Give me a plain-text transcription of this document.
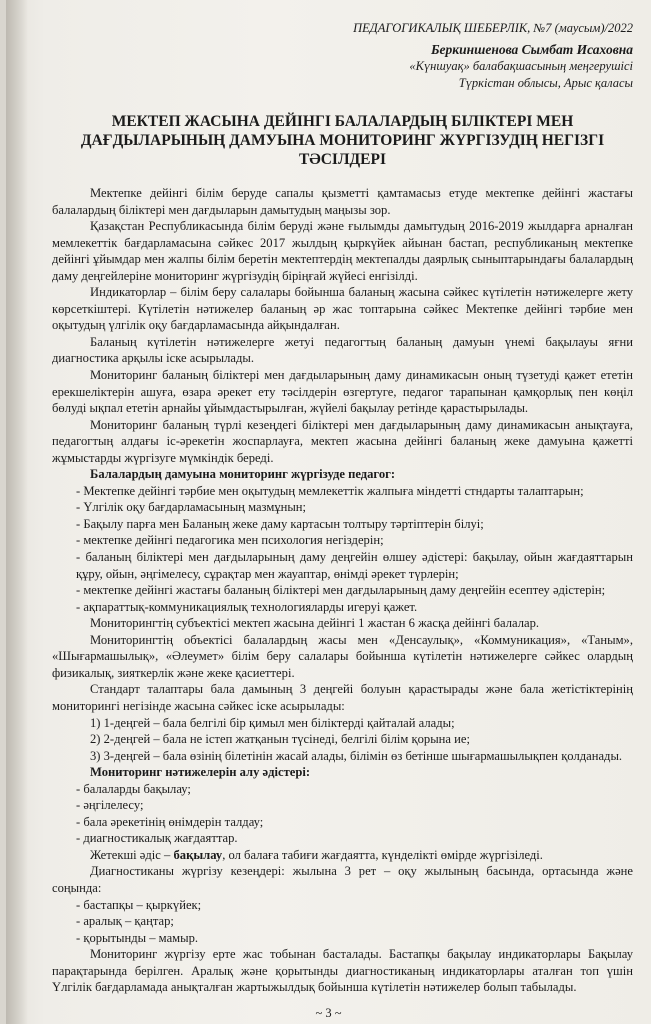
ПЕДАГОГИКАЛЫҚ ШЕБЕРЛІК, №7 (маусым)/2022
Беркиншенова Сымбат Исаховна
«Күншуақ» балабақшасының меңгерушісі
Түркістан облысы, Арыс қаласы
МЕКТЕП ЖАСЫНА ДЕЙІНГІ БАЛАЛАРДЫҢ БІЛІКТЕРІ МЕН ДАҒДЫЛАРЫНЫҢ ДАМУЫНА МОНИТОРИНГ ЖҮРГІЗУДІҢ НЕГІЗГІ ТӘСІЛДЕРІ

Мектепке дейінгі білім беруде сапалы қызметті қамтамасыз етуде мектепке дейінгі жастағы балалардың біліктері мен дағдыларын дамытудың маңызы зор.

Қазақстан Республикасында білім беруді және ғылымды дамытудың 2016-2019 жылдарға арналған мемлекеттік бағдарламасына сәйкес 2017 жылдың қыркүйек айынан бастап, республиканың мектепке дейінгі ұйымдар мен жалпы білім беретін мектептердің мектепалды даярлық сыныптарындағы балалардың даму деңгейлеріне мониторинг жүргізудің біріңғай жүйесі енгізілді.

Индикаторлар – білім беру салалары бойынша баланың жасына сәйкес күтілетін нәтижелерге жету көрсеткіштері. Күтілетін нәтижелер баланың әр жас топтарына сәйкес Мектепке дейінгі тәрбие мен оқытудың үлгілік оқу бағдарламасында айқындалған.

Баланың күтілетін нәтижелерге жетуі педагогтың баланың дамуын үнемі бақылауы яғни диагностика арқылы іске асырылады.

Мониторинг баланың біліктері мен дағдыларының даму динамикасын оның түзетуді қажет ететін ерекшеліктерін ашуға, өзара әрекет ету тәсілдерін өзгертуге, педагог тарапынан қамқорлық пен көңіл бөлуді ықпал ететін арнайы ұйымдастырылған, жүйелі бақылау ретінде қарастырылады.

Мониторинг баланың түрлі кезеңдегі біліктері мен дағдыларының даму динамикасын анықтауға, педагогтың алдағы іс-әрекетін жоспарлауға, мектеп жасына дейінгі баланың жеке дамуына қажетті жұмыстарды жүргізуге мүмкіндік береді.

Балалардың дамуына мониторинг жүргізуде педагог:

- Мектепке дейінгі тәрбие мен оқытудың мемлекеттік жалпыға міндетті стндарты талаптарын;

- Үлгілік оқу бағдарламасының мазмұнын;

- Бақылу парға мен Баланың жеке даму картасын толтыру тәртіптерін білуі;

- мектепке дейінгі педагогика мен психология негіздерін;

- баланың біліктері мен дағдыларының даму деңгейін өлшеу әдістері: бақылау, ойын жағдаяттарын құру, ойын, әңгімелесу, сұрақтар мен жауаптар, өнімді әрекет түрлерін;

- мектепке дейінгі жастағы баланың біліктері мен дағдыларының даму деңгейін есептеу әдістерін;

- ақпараттық-коммуникациялық технологияларды игеруі қажет.

Мониторингтің субъектісі мектеп жасына дейінгі 1 жастан 6 жасқа дейінгі балалар.

Мониторингтің объектісі балалардың жасы мен «Денсаулық», «Коммуникация», «Таным», «Шығармашылық», «Әлеумет» білім беру салалары бойынша күтілетін нәтижелерге сәйкес олардың физикалық, зияткерлік және жеке қасиеттері.

Стандарт талаптары бала дамының 3 деңгейі болуын қарастырады және бала жетістіктерінің мониторингі негізінде жасына сәйкес іске асырылады:

1) 1-деңгей – бала белгілі бір қимыл мен біліктерді қайталай алады;

2) 2-деңгей – бала не істеп жатқанын түсінеді, белгілі білім қорына ие;

3) 3-деңгей – бала өзінің білетінін жасай алады, білімін өз бетінше шығармашылықпен қолданады.

Мониторинг нәтижелерін алу әдістері:

- балаларды бақылау;

- әңгілелесу;

- бала әрекетінің өнімдерін талдау;

- диагностикалық жағдаяттар.

Жетекші әдіс – бақылау, ол балаға табиғи жағдаятта, күнделікті өмірде жүргізіледі.

Диагностиканы жүргізу кезеңдері: жылына 3 рет – оқу жылының басында, ортасында және соңында:

- бастапқы – қыркүйек;

- аралық – қаңтар;

- қорытынды – мамыр.

Мониторинг жүргізу ерте жас тобынан басталады. Бастапқы бақылау индикаторлары Бақылау парақтарында берілген. Аралық және қорытынды диагностиканың индикаторлары аталған топ үшін Үлгілік бағдарламада анықталған жартыжылдық бойынша күтілетін нәтижелер болып табылады.

~ 3 ~
